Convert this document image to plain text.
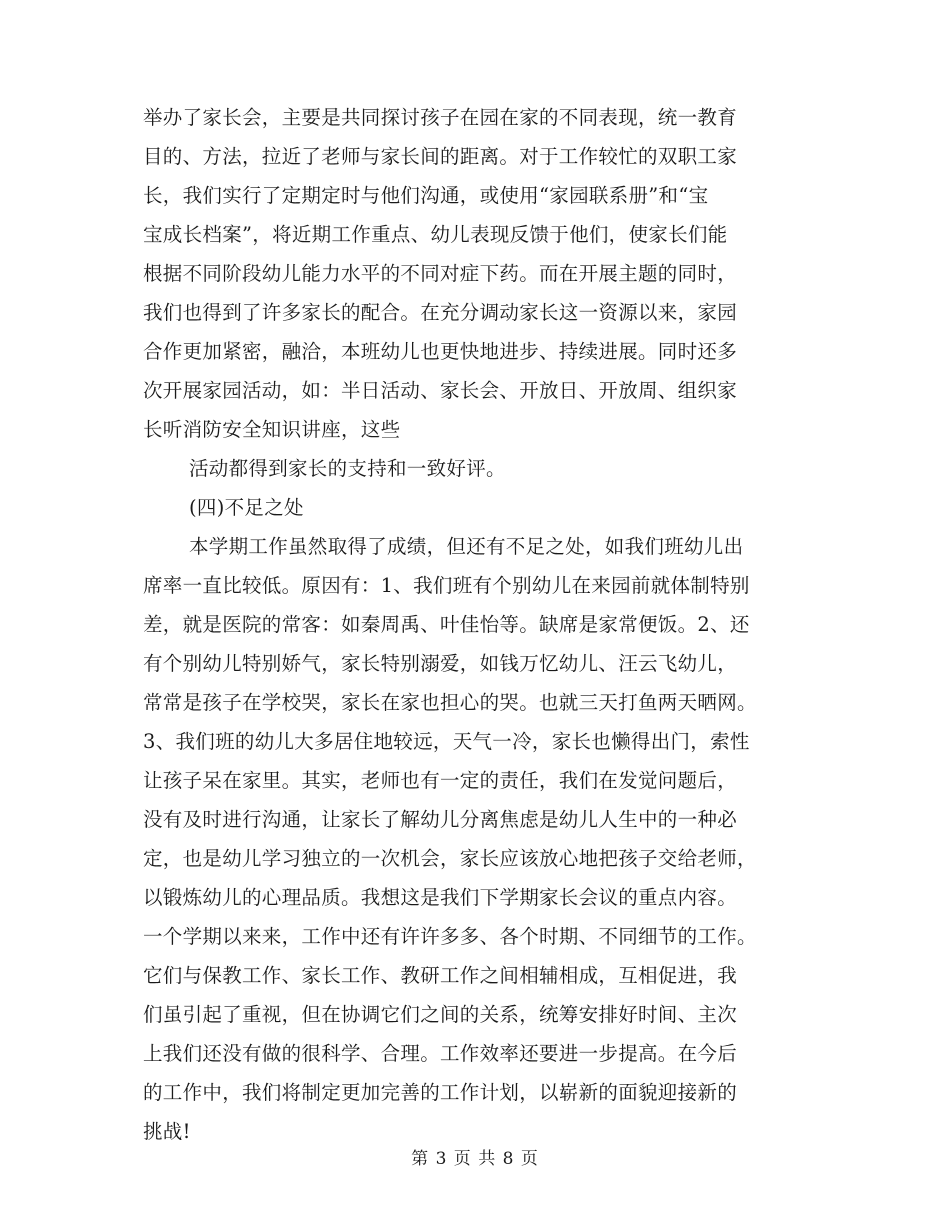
举办了家长会，主要是共同探讨孩子在园在家的不同表现，统一教育
目的、方法，拉近了老师与家长间的距离。对于工作较忙的双职工家
长，我们实行了定期定时与他们沟通，或使用“家园联系册”和“宝
宝成长档案”，将近期工作重点、幼儿表现反馈于他们，使家长们能
根据不同阶段幼儿能力水平的不同对症下药。而在开展主题的同时，
我们也得到了许多家长的配合。在充分调动家长这一资源以来，家园
合作更加紧密，融洽，本班幼儿也更快地进步、持续进展。同时还多
次开展家园活动，如：半日活动、家长会、开放日、开放周、组织家
长听消防安全知识讲座，这些
活动都得到家长的支持和一致好评。
(四)不足之处
本学期工作虽然取得了成绩，但还有不足之处，如我们班幼儿出
席率一直比较低。原因有：1、我们班有个别幼儿在来园前就体制特别
差，就是医院的常客：如秦周禹、叶佳怡等。缺席是家常便饭。2、还
有个别幼儿特别娇气，家长特别溺爱，如钱万忆幼儿、汪云飞幼儿，
常常是孩子在学校哭，家长在家也担心的哭。也就三天打鱼两天晒网。
3、我们班的幼儿大多居住地较远，天气一冷，家长也懒得出门，索性
让孩子呆在家里。其实，老师也有一定的责任，我们在发觉问题后，
没有及时进行沟通，让家长了解幼儿分离焦虑是幼儿人生中的一种必
定，也是幼儿学习独立的一次机会，家长应该放心地把孩子交给老师，
以锻炼幼儿的心理品质。我想这是我们下学期家长会议的重点内容。
一个学期以来来，工作中还有许许多多、各个时期、不同细节的工作。
它们与保教工作、家长工作、教研工作之间相辅相成，互相促进，我
们虽引起了重视，但在协调它们之间的关系，统筹安排好时间、主次
上我们还没有做的很科学、合理。工作效率还要进一步提高。在今后
的工作中，我们将制定更加完善的工作计划，以崭新的面貌迎接新的
挑战!
第 3 页 共 8 页
